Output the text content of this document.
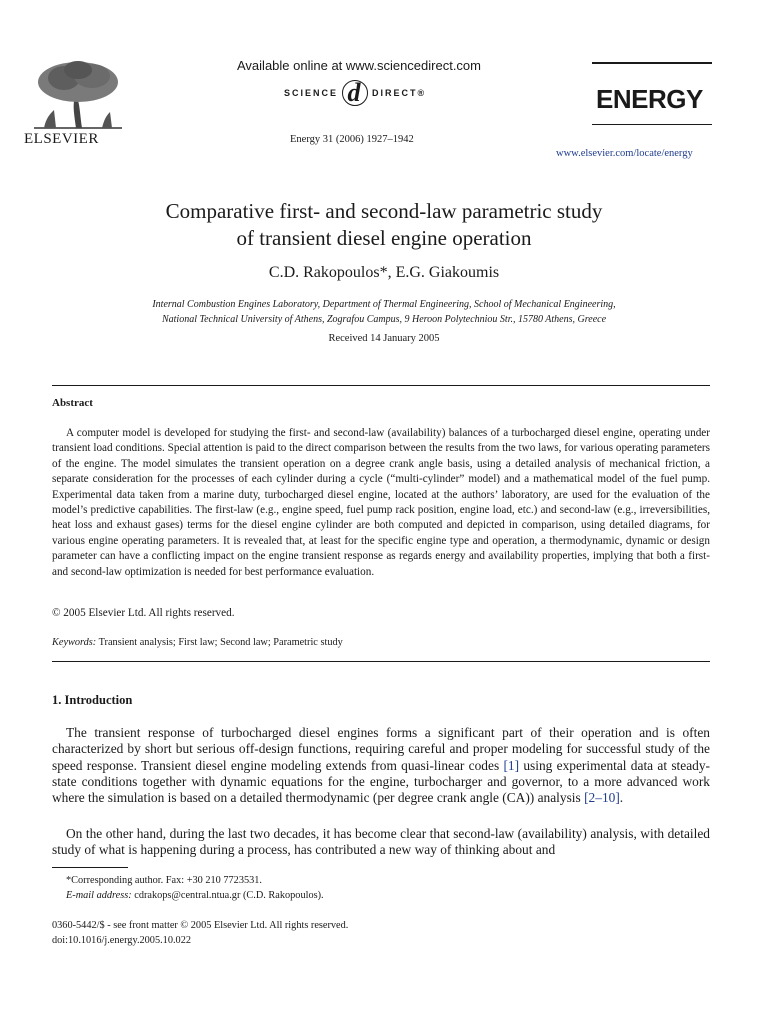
ELSEVIER
Available online at www.sciencedirect.com
SCIENCE d	DIRECT®
Energy 31 (2006) 1927–1942
ENERGY
www.elsevier.com/locate/energy
Comparative first- and second-law parametric study
of transient diesel engine operation
C.D. Rakopoulos*, E.G. Giakoumis
Internal Combustion Engines Laboratory, Department of Thermal Engineering, School of Mechanical Engineering,
National Technical University of Athens, Zografou Campus, 9 Heroon Polytechniou Str., 15780 Athens, Greece
Received 14 January 2005
Abstract
A computer model is developed for studying the first- and second-law (availability) balances of a turbocharged diesel engine, operating under transient load conditions. Special attention is paid to the direct comparison between the results from the two laws, for various operating parameters of the engine. The model simulates the transient operation on a degree crank angle basis, using a detailed analysis of mechanical friction, a separate consideration for the processes of each cylinder during a cycle (“multi-cylinder” model) and a mathematical model of the fuel pump. Experimental data taken from a marine duty, turbocharged diesel engine, located at the authors’ laboratory, are used for the evaluation of the model’s predictive capabilities. The first-law (e.g., engine speed, fuel pump rack position, engine load, etc.) and second-law (e.g., irreversibilities, heat loss and exhaust gases) terms for the diesel engine cylinder are both computed and depicted in comparison, using detailed diagrams, for various engine operating parameters. It is revealed that, at least for the specific engine type and operation, a thermodynamic, dynamic or design parameter can have a conflicting impact on the engine transient response as regards energy and availability properties, implying that both a first- and second-law optimization is needed for best performance evaluation.
© 2005 Elsevier Ltd. All rights reserved.
Keywords: Transient analysis; First law; Second law; Parametric study
1. Introduction
The transient response of turbocharged diesel engines forms a significant part of their operation and is often characterized by short but serious off-design functions, requiring careful and proper modeling for successful study of the speed response. Transient diesel engine modeling extends from quasi-linear codes [1] using experimental data at steady-state conditions together with dynamic equations for the engine, turbocharger and governor, to a more advanced work where the simulation is based on a detailed thermodynamic (per degree crank angle (CA)) analysis [2–10].
On the other hand, during the last two decades, it has become clear that second-law (availability) analysis, with detailed study of what is happening during a process, has contributed a new way of thinking about and
*Corresponding author. Fax: +30 210 7723531.
E-mail address: cdrakops@central.ntua.gr (C.D. Rakopoulos).
0360-5442/$ - see front matter © 2005 Elsevier Ltd. All rights reserved.
doi:10.1016/j.energy.2005.10.022
